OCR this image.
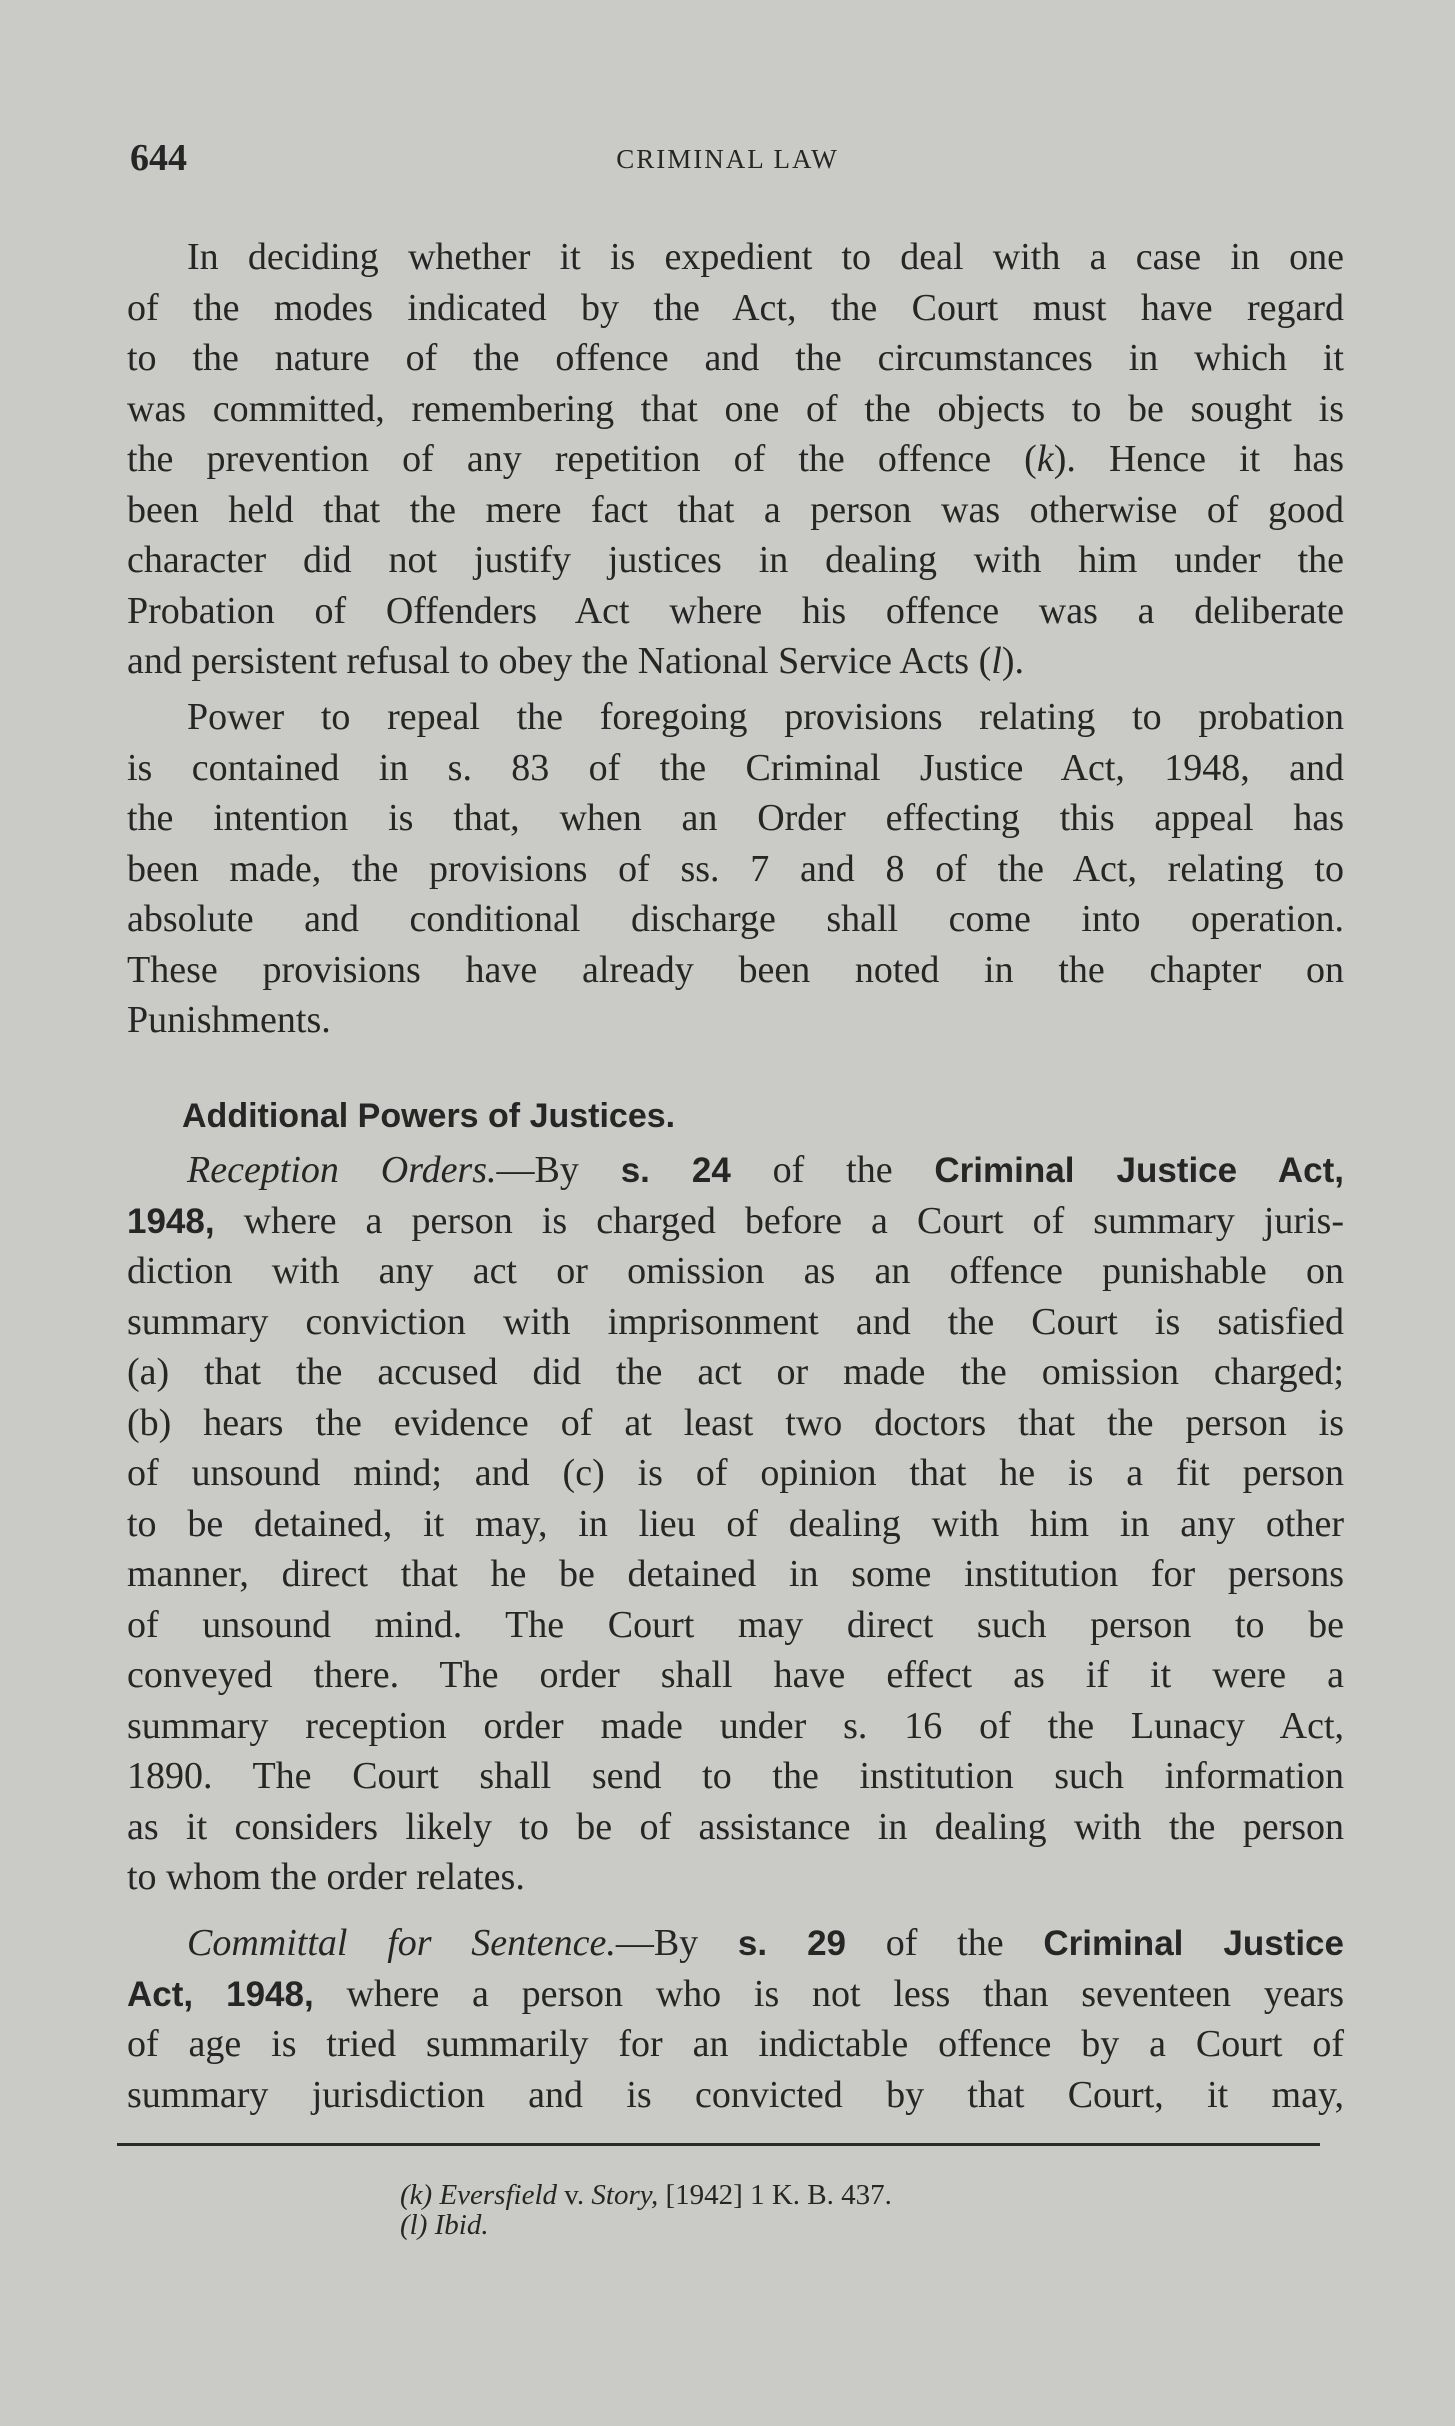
644	CRIMINAL LAW
In deciding whether it is expedient to deal with a case in one
of the modes indicated by the Act, the Court must have regard
to the nature of the offence and the circumstances in which it
was committed, remembering that one of the objects to be sought is
the prevention of any repetition of the offence (k). Hence it has
been held that the mere fact that a person was otherwise of good
character did not justify justices in dealing with him under the
Probation of Offenders Act where his offence was a deliberate
and persistent refusal to obey the National Service Acts (l).
Power to repeal the foregoing provisions relating to probation
is contained in s. 83 of the Criminal Justice Act, 1948, and
the intention is that, when an Order effecting this appeal has
been made, the provisions of ss. 7 and 8 of the Act, relating to
absolute and conditional discharge shall come into operation.
These provisions have already been noted in the chapter on
Punishments.
Additional Powers of Justices.
Reception Orders.—By s. 24 of the Criminal Justice Act,
1948, where a person is charged before a Court of summary juris-
diction with any act or omission as an offence punishable on
summary conviction with imprisonment and the Court is satisfied
(a) that the accused did the act or made the omission charged;
(b) hears the evidence of at least two doctors that the person is
of unsound mind; and (c) is of opinion that he is a fit person
to be detained, it may, in lieu of dealing with him in any other
manner, direct that he be detained in some institution for persons
of unsound mind. The Court may direct such person to be
conveyed there. The order shall have effect as if it were a
summary reception order made under s. 16 of the Lunacy Act,
1890. The Court shall send to the institution such information
as it considers likely to be of assistance in dealing with the person
to whom the order relates.
Committal for Sentence.—By s. 29 of the Criminal Justice
Act, 1948, where a person who is not less than seventeen years
of age is tried summarily for an indictable offence by a Court of
summary jurisdiction and is convicted by that Court, it may,
(k) Eversfield v. Story, [1942] 1 K. B. 437.
(l) Ibid.
